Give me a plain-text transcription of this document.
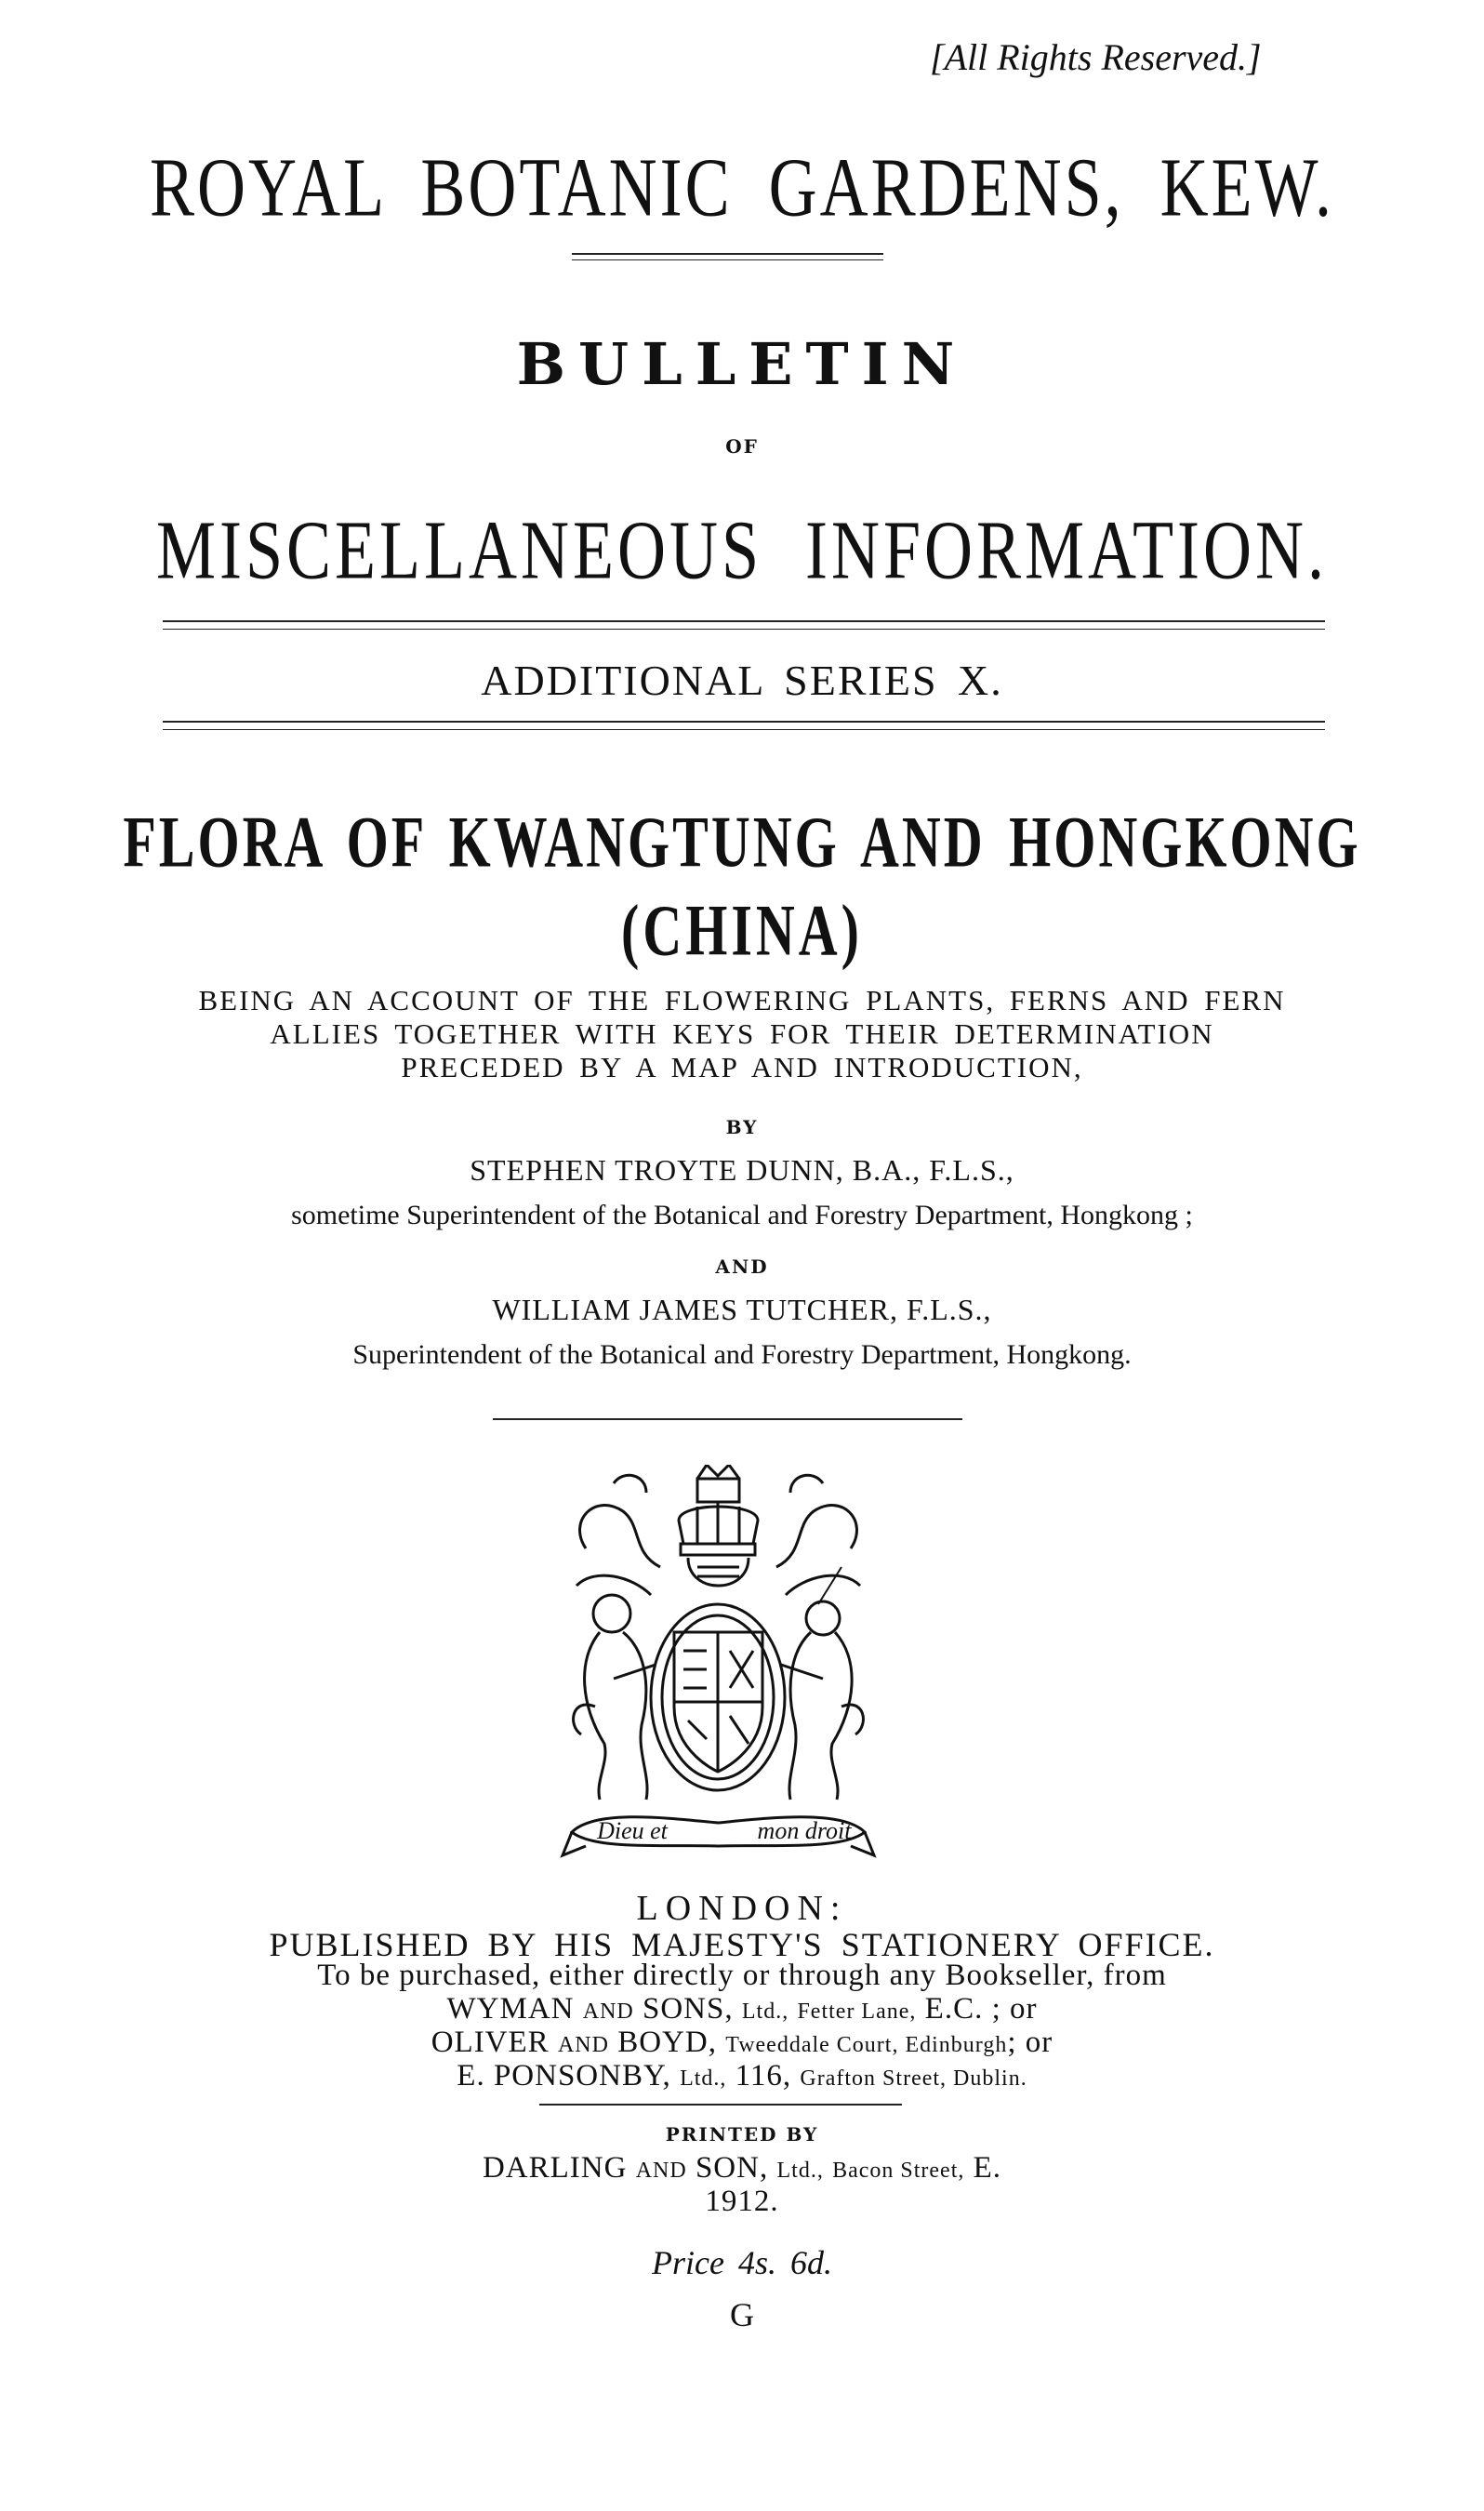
[All Rights Reserved.]
ROYAL BOTANIC GARDENS, KEW.
BULLETIN
OF
MISCELLANEOUS INFORMATION.
ADDITIONAL SERIES X.
FLORA OF KWANGTUNG AND HONGKONG
(CHINA)
BEING AN ACCOUNT OF THE FLOWERING PLANTS, FERNS AND FERN
ALLIES TOGETHER WITH KEYS FOR THEIR DETERMINATION
PRECEDED BY A MAP AND INTRODUCTION,
BY
STEPHEN TROYTE DUNN, B.A., F.L.S.,
sometime Superintendent of the Botanical and Forestry Department, Hongkong ;
AND
WILLIAM JAMES TUTCHER, F.L.S.,
Superintendent of the Botanical and Forestry Department, Hongkong.
Dieu et	mon droit
LONDON:
PUBLISHED BY HIS MAJESTY'S STATIONERY OFFICE.
To be purchased, either directly or through any Bookseller, from
WYMAN AND SONS, Ltd., Fetter Lane, E.C. ; or
OLIVER AND BOYD, Tweeddale Court, Edinburgh; or
E. PONSONBY, Ltd., 116, Grafton Street, Dublin.
PRINTED BY
DARLING AND SON, Ltd., Bacon Street, E.
1912.
Price 4s. 6d.
G
